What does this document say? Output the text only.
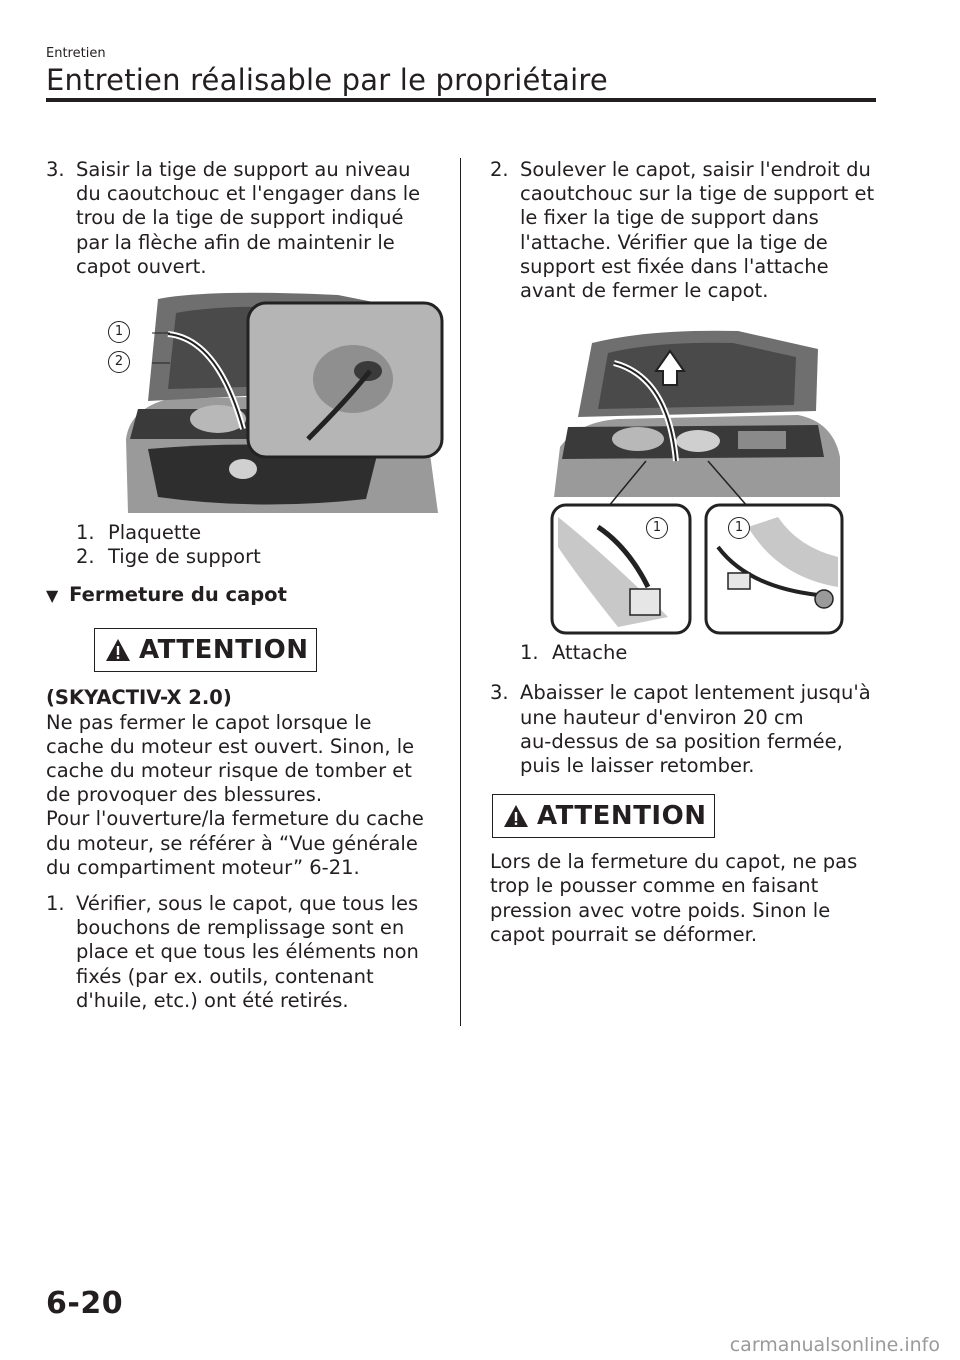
Entretien
Entretien réalisable par le propriétaire
3. Saisir la tige de support au niveau
du caoutchouc et l'engager dans le
trou de la tige de support indiqué
par la flèche afin de maintenir le
capot ouvert.
1
2
1. Plaquette
2. Tige de support
▼ Fermeture du capot
ATTENTION
(SKYACTIV-X 2.0)
Ne pas fermer le capot lorsque le
cache du moteur est ouvert. Sinon, le
cache du moteur risque de tomber et
de provoquer des blessures.
Pour l'ouverture/la fermeture du cache
du moteur, se référer à “Vue générale
du compartiment moteur” 6-21.
1. Vérifier, sous le capot, que tous les
bouchons de remplissage sont en
place et que tous les éléments non
fixés (par ex. outils, contenant
d'huile, etc.) ont été retirés.
2. Soulever le capot, saisir l'endroit du
caoutchouc sur la tige de support et
le fixer la tige de support dans
l'attache. Vérifier que la tige de
support est fixée dans l'attache
avant de fermer le capot.
1	1
1. Attache
3. Abaisser le capot lentement jusqu'à
une hauteur d'environ 20 cm
au-dessus de sa position fermée,
puis le laisser retomber.
ATTENTION
Lors de la fermeture du capot, ne pas
trop le pousser comme en faisant
pression avec votre poids. Sinon le
capot pourrait se déformer.
6-20
carmanualsonline.info
